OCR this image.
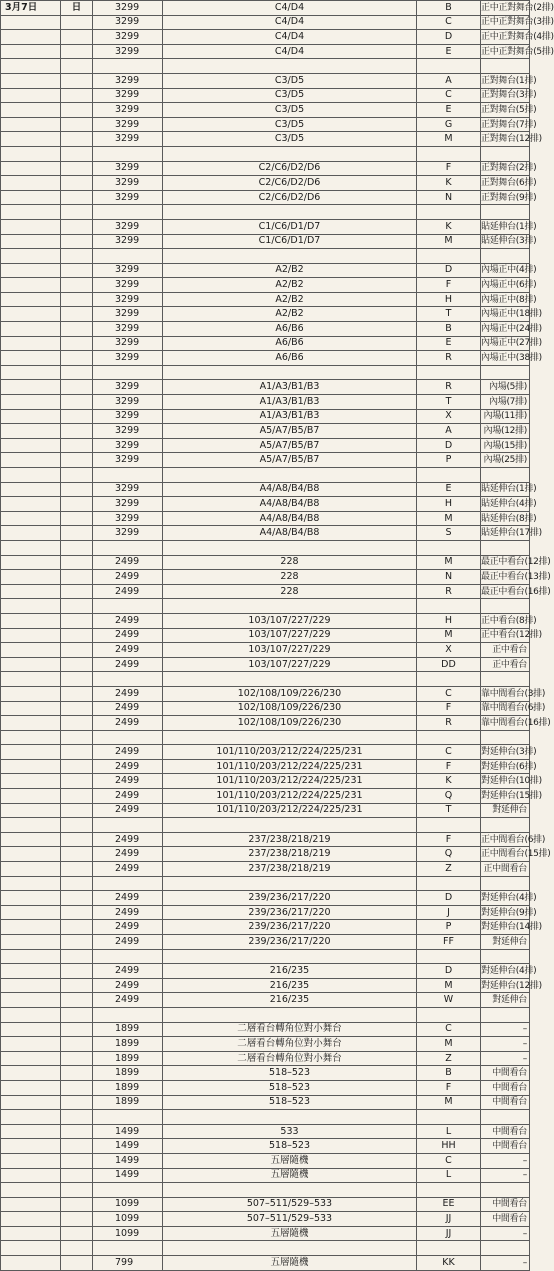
3月7日	日	3299	C4/D4	B	正中正對舞台(2排)
		3299	C4/D4	C	正中正對舞台(3排)
		3299	C4/D4	D	正中正對舞台(4排)
		3299	C4/D4	E	正中正對舞台(5排)

		3299	C3/D5	A	正對舞台(1排)
		3299	C3/D5	C	正對舞台(3排)
		3299	C3/D5	E	正對舞台(5排)
		3299	C3/D5	G	正對舞台(7排)
		3299	C3/D5	M	正對舞台(12排)

		3299	C2/C6/D2/D6	F	正對舞台(2排)
		3299	C2/C6/D2/D6	K	正對舞台(6排)
		3299	C2/C6/D2/D6	N	正對舞台(9排)

		3299	C1/C6/D1/D7	K	貼延伸台(1排)
		3299	C1/C6/D1/D7	M	貼延伸台(3排)

		3299	A2/B2	D	內場正中(4排)
		3299	A2/B2	F	內場正中(6排)
		3299	A2/B2	H	內場正中(8排)
		3299	A2/B2	T	內場正中(18排)
		3299	A6/B6	B	內場正中(24排)
		3299	A6/B6	E	內場正中(27排)
		3299	A6/B6	R	內場正中(38排)

		3299	A1/A3/B1/B3	R	內場(5排)
		3299	A1/A3/B1/B3	T	內場(7排)
		3299	A1/A3/B1/B3	X	內場(11排)
		3299	A5/A7/B5/B7	A	內場(12排)
		3299	A5/A7/B5/B7	D	內場(15排)
		3299	A5/A7/B5/B7	P	內場(25排)

		3299	A4/A8/B4/B8	E	貼延伸台(1排)
		3299	A4/A8/B4/B8	H	貼延伸台(4排)
		3299	A4/A8/B4/B8	M	貼延伸台(8排)
		3299	A4/A8/B4/B8	S	貼延伸台(17排)

		2499	228	M	最正中看台(12排)
		2499	228	N	最正中看台(13排)
		2499	228	R	最正中看台(16排)

		2499	103/107/227/229	H	正中看台(8排)
		2499	103/107/227/229	M	正中看台(12排)
		2499	103/107/227/229	X	正中看台
		2499	103/107/227/229	DD	正中看台

		2499	102/108/109/226/230	C	靠中間看台(3排)
		2499	102/108/109/226/230	F	靠中間看台(6排)
		2499	102/108/109/226/230	R	靠中間看台(16排)

		2499	101/110/203/212/224/225/231	C	對延伸台(3排)
		2499	101/110/203/212/224/225/231	F	對延伸台(6排)
		2499	101/110/203/212/224/225/231	K	對延伸台(10排)
		2499	101/110/203/212/224/225/231	Q	對延伸台(15排)
		2499	101/110/203/212/224/225/231	T	對延伸台

		2499	237/238/218/219	F	正中間看台(6排)
		2499	237/238/218/219	Q	正中間看台(15排)
		2499	237/238/218/219	Z	正中間看台

		2499	239/236/217/220	D	對延伸台(4排)
		2499	239/236/217/220	J	對延伸台(9排)
		2499	239/236/217/220	P	對延伸台(14排)
		2499	239/236/217/220	FF	對延伸台

		2499	216/235	D	對延伸台(4排)
		2499	216/235	M	對延伸台(12排)
		2499	216/235	W	對延伸台

		1899	二層看台轉角位對小舞台	C	–
		1899	二層看台轉角位對小舞台	M	–
		1899	二層看台轉角位對小舞台	Z	–
		1899	518–523	B	中間看台
		1899	518–523	F	中間看台
		1899	518–523	M	中間看台

		1499	533	L	中間看台
		1499	518–523	HH	中間看台
		1499	五層隨機	C	–
		1499	五層隨機	L	–

		1099	507–511/529–533	EE	中間看台
		1099	507–511/529–533	JJ	中間看台
		1099	五層隨機	JJ	–

		799	五層隨機	KK	–
